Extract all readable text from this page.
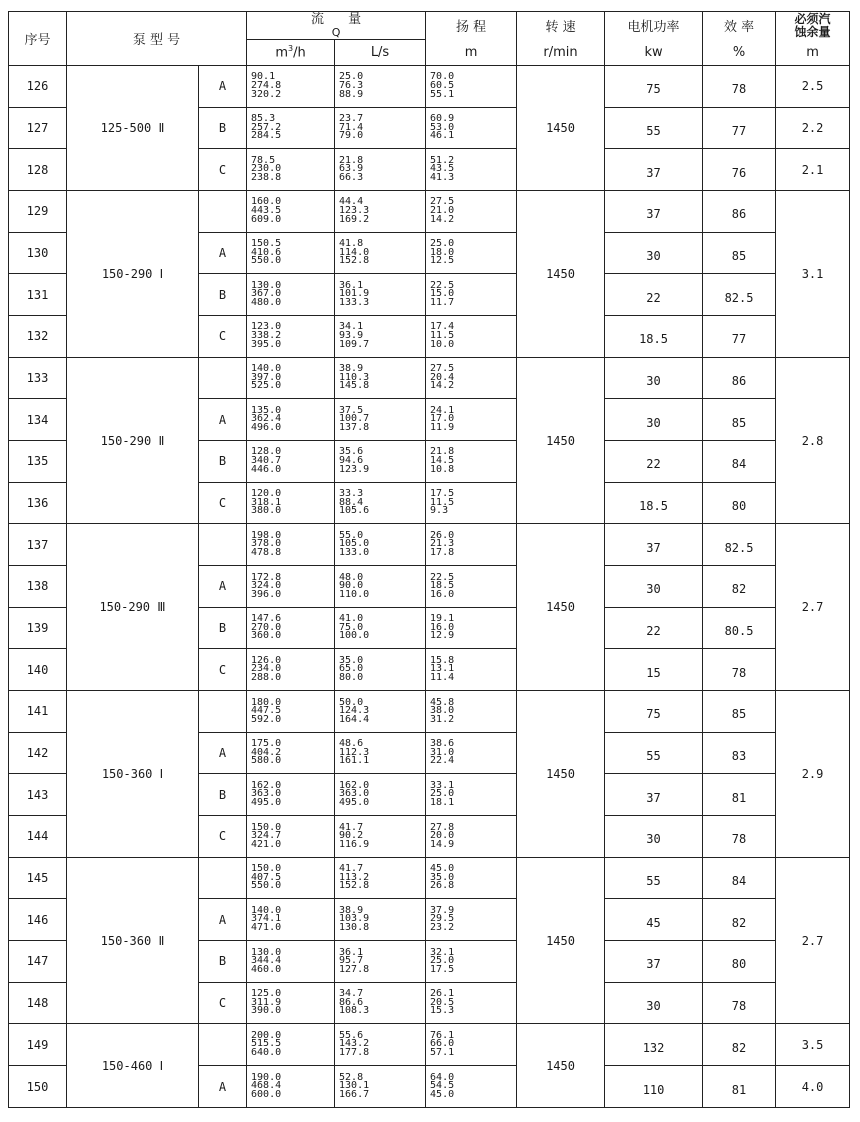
序号	泵 型 号		流 量
Q		扬 程	转 速	电机功率	效 率	必须汽
蚀余量

			$m^3/h$	L/s	m	r/min	kw	%	m
126	125-500 Ⅱ	A	90.1
274.8
320.2	25.0
76.3
88.9	70.0
60.5
55.1	1450	75	78	2.5
127		B	85.3
257.2
284.5	23.7
71.4
79.0	60.9
53.0
46.1		55	77	2.2
128		C	78.5
230.0
238.8	21.8
63.9
66.3	51.2
43.5
41.3		37	76	2.1
129	150-290 Ⅰ		160.0
443.5
609.0	44.4
123.3
169.2	27.5
21.0
14.2	1450	37	86	3.1
130		A	150.5
410.6
550.0	41.8
114.0
152.8	25.0
18.0
12.5		30	85	
131		B	130.0
367.0
480.0	36.1
101.9
133.3	22.5
15.0
11.7		22	82.5	
132		C	123.0
338.2
395.0	34.1
93.9
109.7	17.4
11.5
10.0		18.5	77	
133	150-290 Ⅱ		140.0
397.0
525.0	38.9
110.3
145.8	27.5
20.4
14.2	1450	30	86	2.8
134		A	135.0
362.4
496.0	37.5
100.7
137.8	24.1
17.0
11.9		30	85	
135		B	128.0
340.7
446.0	35.6
94.6
123.9	21.8
14.5
10.8		22	84	
136		C	120.0
318.1
380.0	33.3
88.4
105.6	17.5
11.5
9.3		18.5	80	
137	150-290 Ⅲ		198.0
378.0
478.8	55.0
105.0
133.0	26.0
21.3
17.8	1450	37	82.5	2.7
138		A	172.8
324.0
396.0	48.0
90.0
110.0	22.5
18.5
16.0		30	82	
139		B	147.6
270.0
360.0	41.0
75.0
100.0	19.1
16.0
12.9		22	80.5	
140		C	126.0
234.0
288.0	35.0
65.0
80.0	15.8
13.1
11.4		15	78	
141	150-360 Ⅰ		180.0
447.5
592.0	50.0
124.3
164.4	45.8
38.0
31.2	1450	75	85	2.9
142		A	175.0
404.2
580.0	48.6
112.3
161.1	38.6
31.0
22.4		55	83	
143		B	162.0
363.0
495.0	162.0
363.0
495.0	33.1
25.0
18.1		37	81	
144		C	150.0
324.7
421.0	41.7
90.2
116.9	27.8
20.0
14.9		30	78	
145	150-360 Ⅱ		150.0
407.5
550.0	41.7
113.2
152.8	45.0
35.0
26.8	1450	55	84	2.7
146		A	140.0
374.1
471.0	38.9
103.9
130.8	37.9
29.5
23.2		45	82	
147		B	130.0
344.4
460.0	36.1
95.7
127.8	32.1
25.0
17.5		37	80	
148		C	125.0
311.9
390.0	34.7
86.6
108.3	26.1
20.5
15.3		30	78	
149	150-460 Ⅰ		200.0
515.5
640.0	55.6
143.2
177.8	76.1
66.0
57.1	1450	132	82	3.5
150		A	190.0
468.4
600.0	52.8
130.1
166.7	64.0
54.5
45.0		110	81	4.0
